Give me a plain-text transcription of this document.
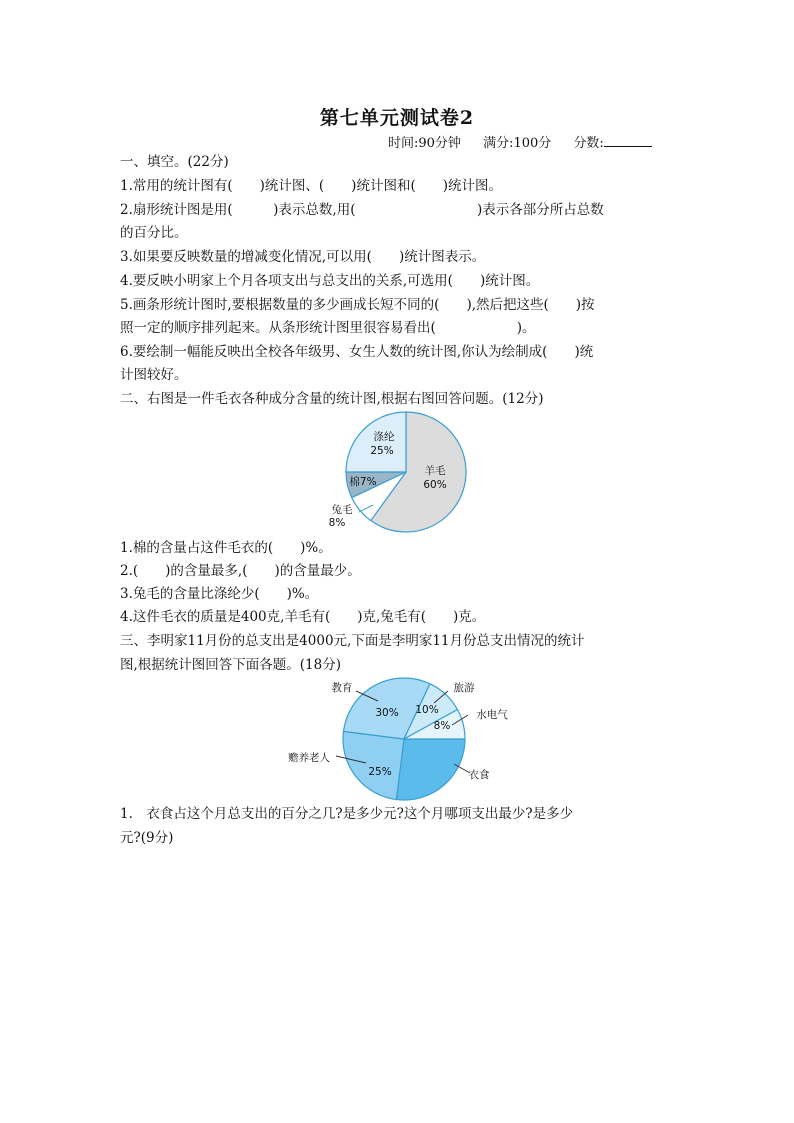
第七单元测试卷2
时间:90分钟 满分:100分 分数:
一、填空。(22分)
1.常用的统计图有(　　)统计图、(　　)统计图和(　　)统计图。
2.扇形统计图是用(　　　)表示总数,用(　　　　　　　　　)表示各部分所占总数
的百分比。
3.如果要反映数量的增减变化情况,可以用(　　)统计图表示。
4.要反映小明家上个月各项支出与总支出的关系,可选用(　　)统计图。
5.画条形统计图时,要根据数量的多少画成长短不同的(　　),然后把这些(　　)按
照一定的顺序排列起来。从条形统计图里很容易看出(　　　　　　)。
6.要绘制一幅能反映出全校各年级男、女生人数的统计图,你认为绘制成(　　)统
计图较好。
二、右图是一件毛衣各种成分含量的统计图,根据右图回答问题。(12分)
涤纶
25%
羊毛
60%
棉7%
兔毛
8%
1.棉的含量占这件毛衣的(　　)%。
2.(　　)的含量最多,(　　)的含量最少。
3.兔毛的含量比涤纶少(　　)%。
4.这件毛衣的质量是400克,羊毛有(　　)克,兔毛有(　　)克。
三、李明家11月份的总支出是4000元,下面是李明家11月份总支出情况的统计
图,根据统计图回答下面各题。(18分)
25%
30% 10%
8%
教育	旅游
水电气
赡养老人
衣食
1.　衣食占这个月总支出的百分之几?是多少元?这个月哪项支出最少?是多少
元?(9分)
